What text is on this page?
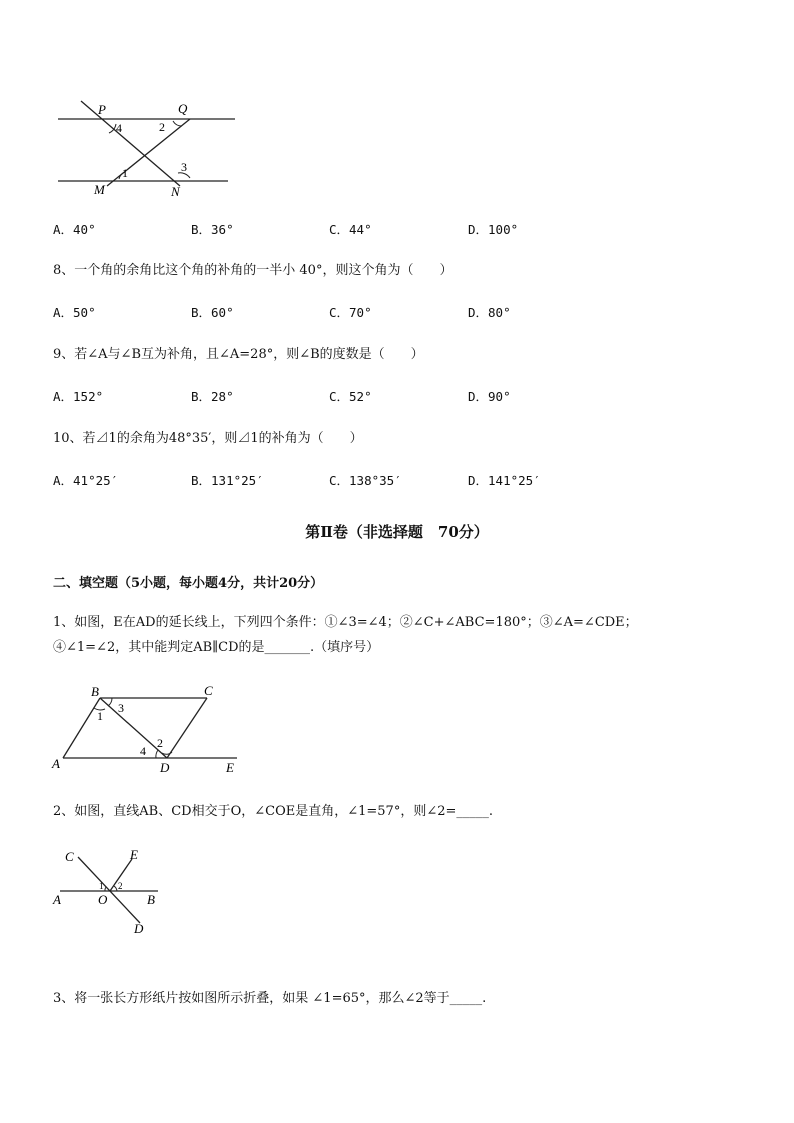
P	Q
M	N
4	2
1	3
A．40°	B．36°	C．44°	D．100°
8、一个角的余角比这个角的补角的一半小 40°，则这个角为（　　）
A．50°	B．60°	C．70°	D．80°
9、若∠A与∠B互为补角，且∠A=28°，则∠B的度数是（　　）
A．152°	B．28°	C．52°	D．90°
10、若⊿1的余角为48°35′，则⊿1的补角为（　　）
A．41°25′	B．131°25′	C．138°35′	D．141°25′
第Ⅱ卷（非选择题　70分）
二、填空题（5小题，每小题4分，共计20分）
1、如图，E在AD的延长线上，下列四个条件：①∠3=∠4；②∠C+∠ABC=180°；③∠A=∠CDE；
④∠1=∠2，其中能判定AB∥CD的是_______.（填序号）
B	C
A	D	E
1
3
4
2
2、如图，直线AB、CD相交于O，∠COE是直角，∠1=57°，则∠2=_____.
C	E
A	O	B
D
1 2
3、将一张长方形纸片按如图所示折叠，如果 ∠1=65°，那么∠2等于_____.
